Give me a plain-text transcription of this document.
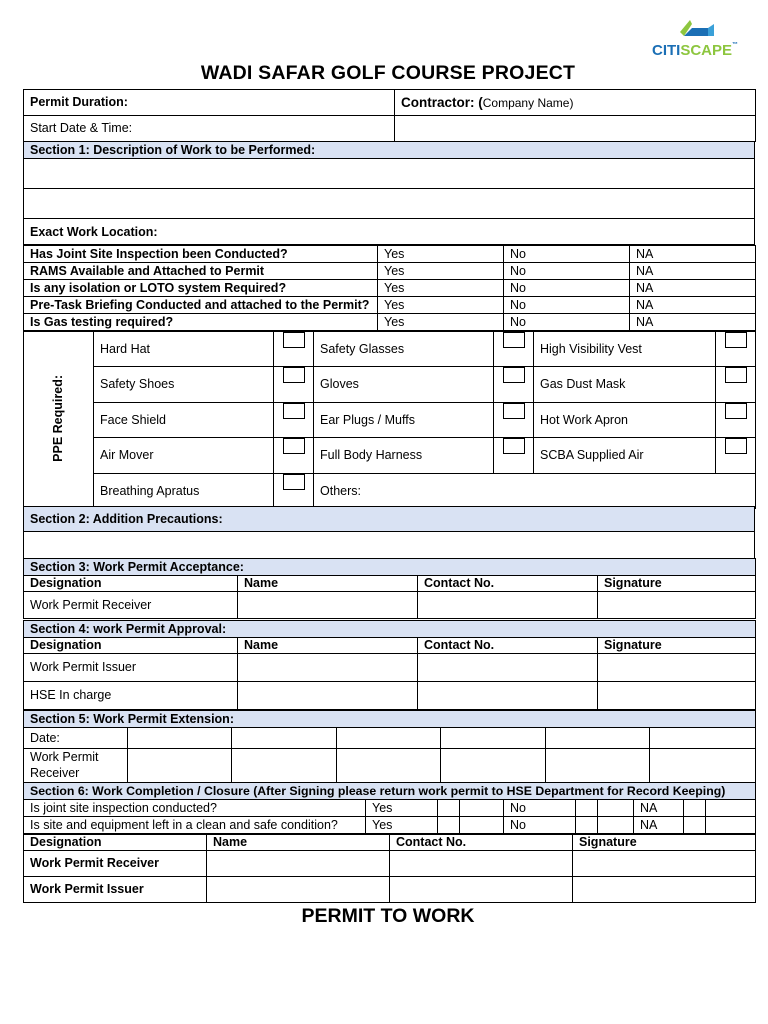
CITISCAPE™
WADI SAFAR GOLF COURSE PROJECT
Permit Duration:	Contractor: (Company Name)
Start Date & Time:	
Section 1: Description of Work to be Performed:

Exact Work Location:
Has Joint Site Inspection been Conducted?	Yes	No	NA
RAMS Available and Attached to Permit	Yes	No	NA
Is any isolation or LOTO system Required?	Yes	No	NA
Pre-Task Briefing Conducted and attached to the Permit?	Yes	No	NA
Is Gas testing required?	Yes	No	NA
PPE Required:	Hard Hat		Safety Glasses		High Visibility Vest	

	Safety Shoes		Gloves		Gas Dust Mask	

	Face Shield		Ear Plugs / Muffs		Hot Work Apron	

	Air Mover		Full Body Harness		SCBA Supplied Air	

	Breathing Apratus		Others:			
Section 2: Addition Precautions:

Section 3: Work Permit Acceptance:			
Designation	Name	Contact No.	Signature
Work Permit Receiver			
Section 4: work Permit Approval:			
Designation	Name	Contact No.	Signature
Work Permit Issuer			
HSE In charge			
Section 5: Work Permit Extension:						
Date:						
Work Permit
Receiver						
Section 6: Work Completion / Closure (After Signing please return work permit to HSE Department for Record Keeping)									
Is joint site inspection conducted?	Yes			No			NA	

Is site and equipment left in a clean and safe condition?	Yes			No			NA	

Designation	Name	Contact No.	Signature
Work Permit Receiver			
Work Permit Issuer			
PERMIT TO WORK
